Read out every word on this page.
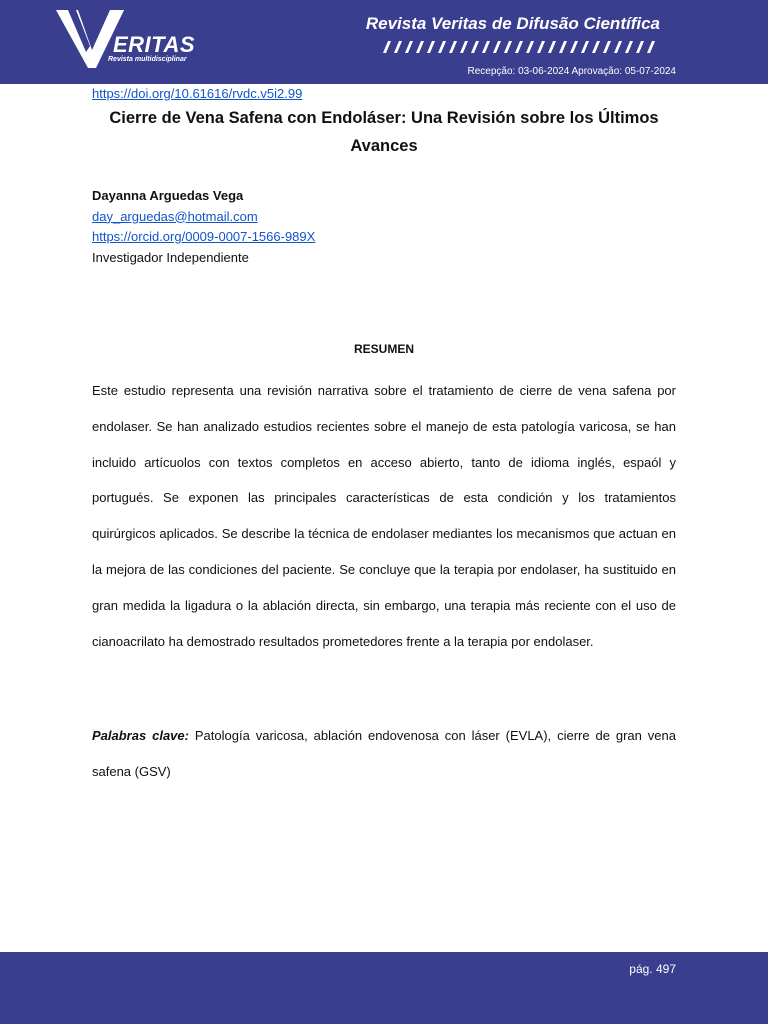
ERITAS
Revista multidisciplinar
Revista Veritas de Difusão Científica
Recepção: 03-06-2024 Aprovação: 05-07-2024
https://doi.org/10.61616/rvdc.v5i2.99
Cierre de Vena Safena con Endoláser: Una Revisión sobre los Últimos Avances
Dayanna Arguedas Vega
day_arguedas@hotmail.com
https://orcid.org/0009-0007-1566-989X
Investigador Independiente
RESUMEN

Este estudio representa una revisión narrativa sobre el tratamiento de cierre de vena safena por endolaser. Se han analizado estudios recientes sobre el manejo de esta patología varicosa, se han incluido artícuolos con textos completos en acceso abierto, tanto de idioma inglés, espaól y portugués. Se exponen las principales características de esta condición y los tratamientos quirúrgicos aplicados. Se describe la técnica de endolaser mediantes los mecanismos que actuan en la mejora de las condiciones del paciente. Se concluye que la terapia por endolaser, ha sustituido en gran medida la ligadura o la ablación directa, sin embargo, una terapia más reciente con el uso de cianoacrilato ha demostrado resultados prometedores frente a la terapia por endolaser.

Palabras clave: Patología varicosa, ablación endovenosa con láser (EVLA), cierre de gran vena safena (GSV)

pág. 497
